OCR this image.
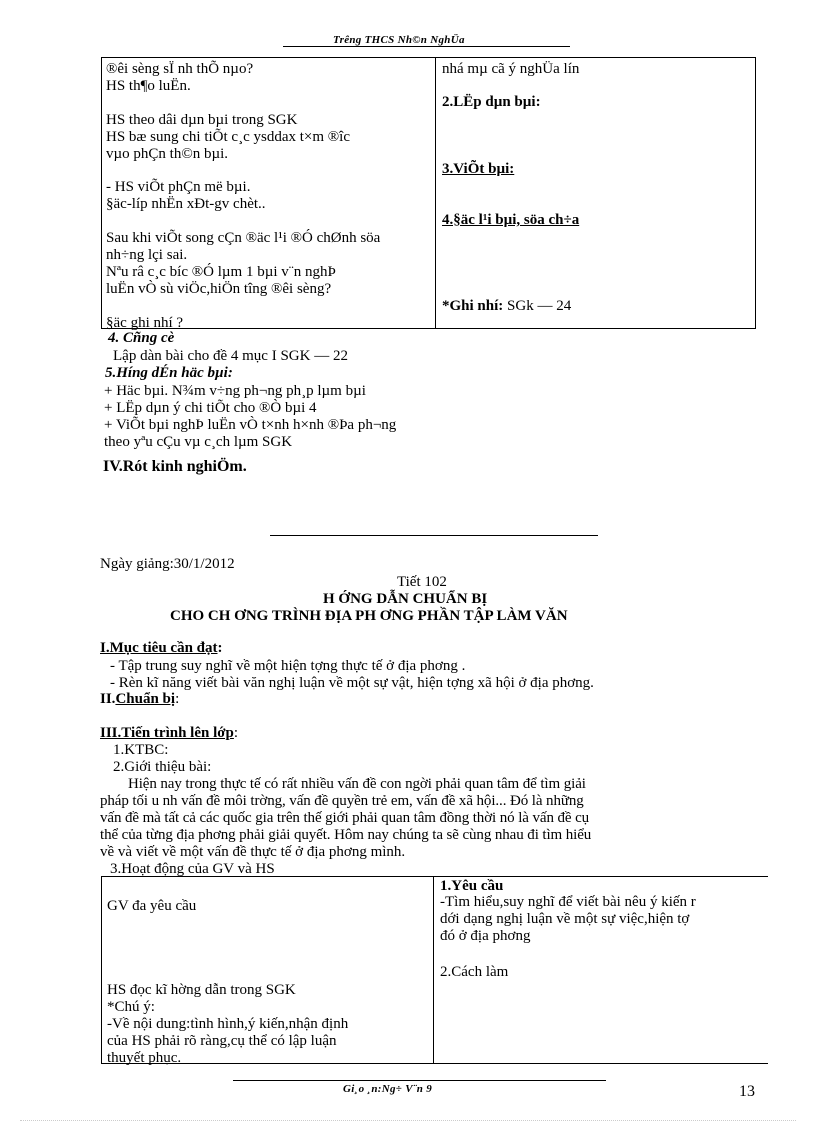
Trêng THCS Nh©n NghÜa
®êi sèng sÏ nh thÕ nµo?
HS th¶o luËn.
HS theo dâi dµn bµi trong SGK
HS bæ sung chi tiÕt c¸c ysddax t×m ®îc
vµo phÇn th©n bµi.
- HS viÕt phÇn më bµi.
§äc-líp nhËn xÐt-gv chèt..
Sau khi viÕt song cÇn ®äc l¹i ®Ó chØnh söa
nh÷ng lçi sai.
Nªu râ c¸c bíc ®Ó lµm 1 bµi v¨n nghÞ
luËn vÒ sù viÖc,hiÖn tîng ®êi sèng?
§äc ghi nhí ?
nhá mµ cã ý nghÜa lín
2.LËp dµn bµi:
3.ViÕt bµi:
4.§äc l¹i bµi, söa ch÷a
*Ghi nhí: SGk — 24
4. Cñng cè
Lập dàn bài cho đề 4 mục I SGK — 22
5.Híng dÉn häc bµi:
+ Häc bµi. N¾m v÷ng ph¬ng ph¸p lµm bµi
+ LËp dµn ý chi tiÕt cho ®Ò bµi 4
+ ViÕt bµi nghÞ luËn vÒ t×nh h×nh ®Þa ph¬ng
theo yªu cÇu vµ c¸ch lµm SGK
IV.Rót kinh nghiÖm.
Ngày giảng:30/1/2012
Tiết 102
H ỚNG DẪN CHUẨN BỊ
CHO CH ƠNG TRÌNH ĐỊA PH ƠNG PHẦN TẬP LÀM VĂN
I.Mục tiêu cần đạt:
- Tập trung suy nghĩ về một hiện tợng thực tế ở địa phơng .
- Rèn kĩ năng viết bài văn nghị luận về một sự vật, hiện tợng xã hội ở địa phơng.
II.Chuẩn bị:
III.Tiến trình lên lớp:
1.KTBC:
2.Giới thiệu bài:
Hiện nay trong thực tế có rất nhiều vấn đề con ngời phải quan tâm để tìm giải
pháp tối u nh vấn đề môi trờng, vấn đề quyền trẻ em, vấn đề xã hội... Đó là những
vấn đề mà tất cả các quốc gia trên thế giới phải quan tâm đồng thời nó là vấn đề cụ
thể của từng địa phơng phải giải quyết. Hôm nay chúng ta sẽ cùng nhau đi tìm hiểu
về và viết về một vấn đề thực tế ở địa phơng mình.
3.Hoạt động của GV và HS
GV đa yêu cầu
HS đọc kĩ hờng dẫn trong SGK
*Chú ý:
-Về nội dung:tình hình,ý kiến,nhận định
của HS phải rõ ràng,cụ thể có lập luận
thuyết phục.
1.Yêu cầu
-Tìm hiểu,suy nghĩ để viết bài nêu ý kiến r
dới dạng nghị luận về một sự việc,hiện tợ
đó ở địa phơng
2.Cách làm
Gi¸o ¸n:Ng÷ V¨n 9	13
